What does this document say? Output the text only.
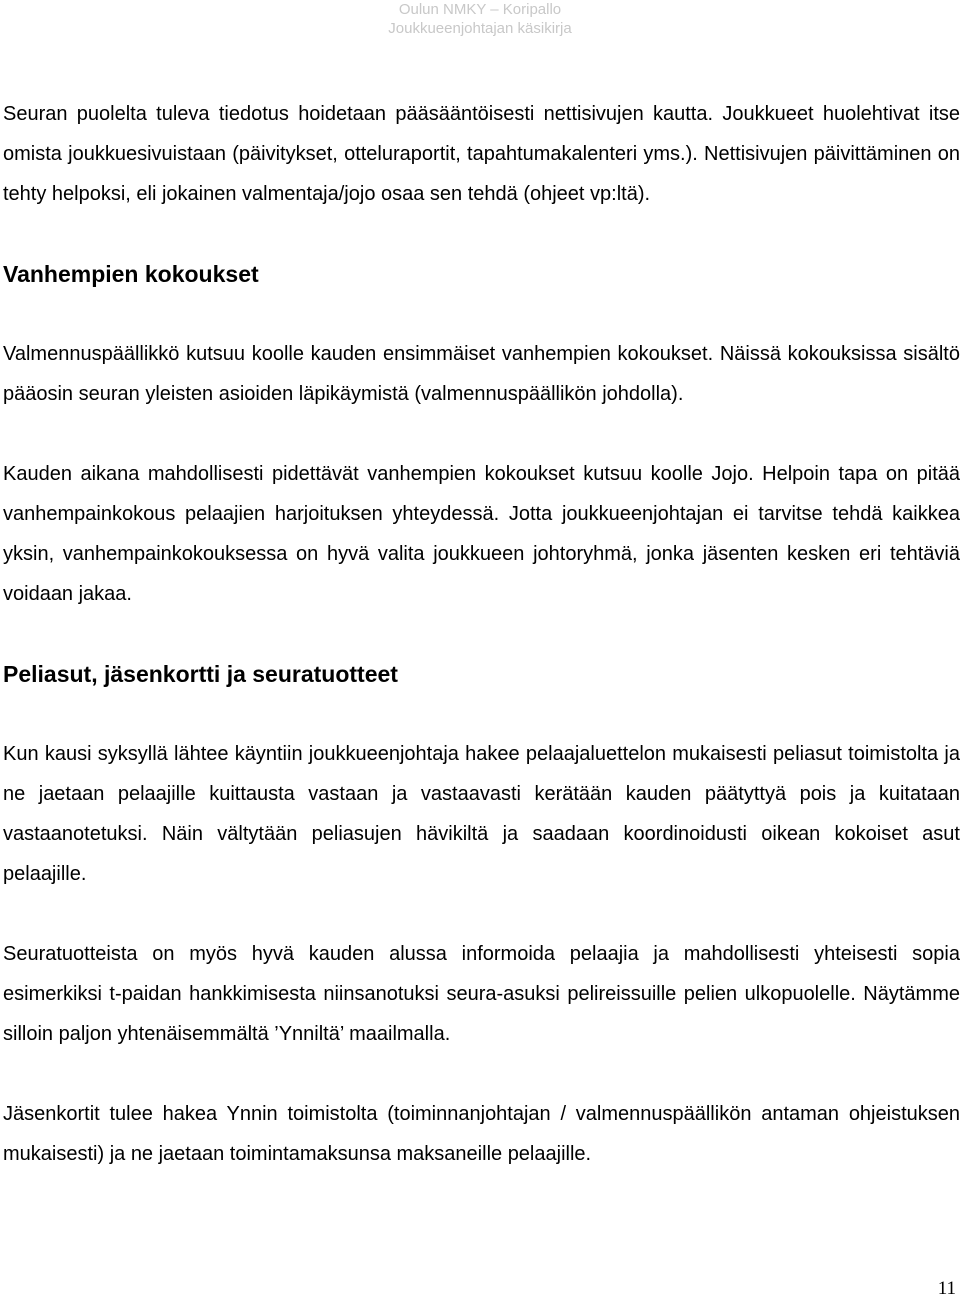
Oulun NMKY – Koripallo
Joukkueenjohtajan käsikirja

Seuran puolelta tuleva tiedotus hoidetaan pääsääntöisesti nettisivujen kautta. Joukkueet huolehtivat itse omista joukkuesivuistaan (päivitykset, otteluraportit, tapahtumakalenteri yms.). Nettisivujen päivittäminen on tehty helpoksi, eli jokainen valmentaja/jojo osaa sen tehdä (ohjeet vp:ltä).

Vanhempien kokoukset

Valmennuspäällikkö kutsuu koolle kauden ensimmäiset vanhempien kokoukset. Näissä kokouksissa sisältö pääosin seuran yleisten asioiden läpikäymistä (valmennuspäällikön johdolla).

Kauden aikana mahdollisesti pidettävät vanhempien kokoukset kutsuu koolle Jojo. Helpoin tapa on pitää vanhempainkokous pelaajien harjoituksen yhteydessä. Jotta joukkueenjohtajan ei tarvitse tehdä kaikkea yksin, vanhempainkokouksessa on hyvä valita joukkueen johtoryhmä, jonka jäsenten kesken eri tehtäviä voidaan jakaa.

Peliasut, jäsenkortti ja seuratuotteet

Kun kausi syksyllä lähtee käyntiin joukkueenjohtaja hakee pelaajaluettelon mukaisesti peliasut toimistolta ja ne jaetaan pelaajille kuittausta vastaan ja vastaavasti kerätään kauden päätyttyä pois ja kuitataan vastaanotetuksi. Näin vältytään peliasujen hävikiltä ja saadaan koordinoidusti oikean kokoiset asut pelaajille.

Seuratuotteista on myös hyvä kauden alussa informoida pelaajia ja mahdollisesti yhteisesti sopia esimerkiksi t-paidan hankkimisesta niinsanotuksi seura-asuksi pelireissuille pelien ulkopuolelle. Näytämme silloin paljon yhtenäisemmältä ’Ynniltä’ maailmalla.

Jäsenkortit tulee hakea Ynnin toimistolta (toiminnanjohtajan / valmennuspäällikön antaman ohjeistuksen mukaisesti) ja ne jaetaan toimintamaksunsa maksaneille pelaajille.

11
